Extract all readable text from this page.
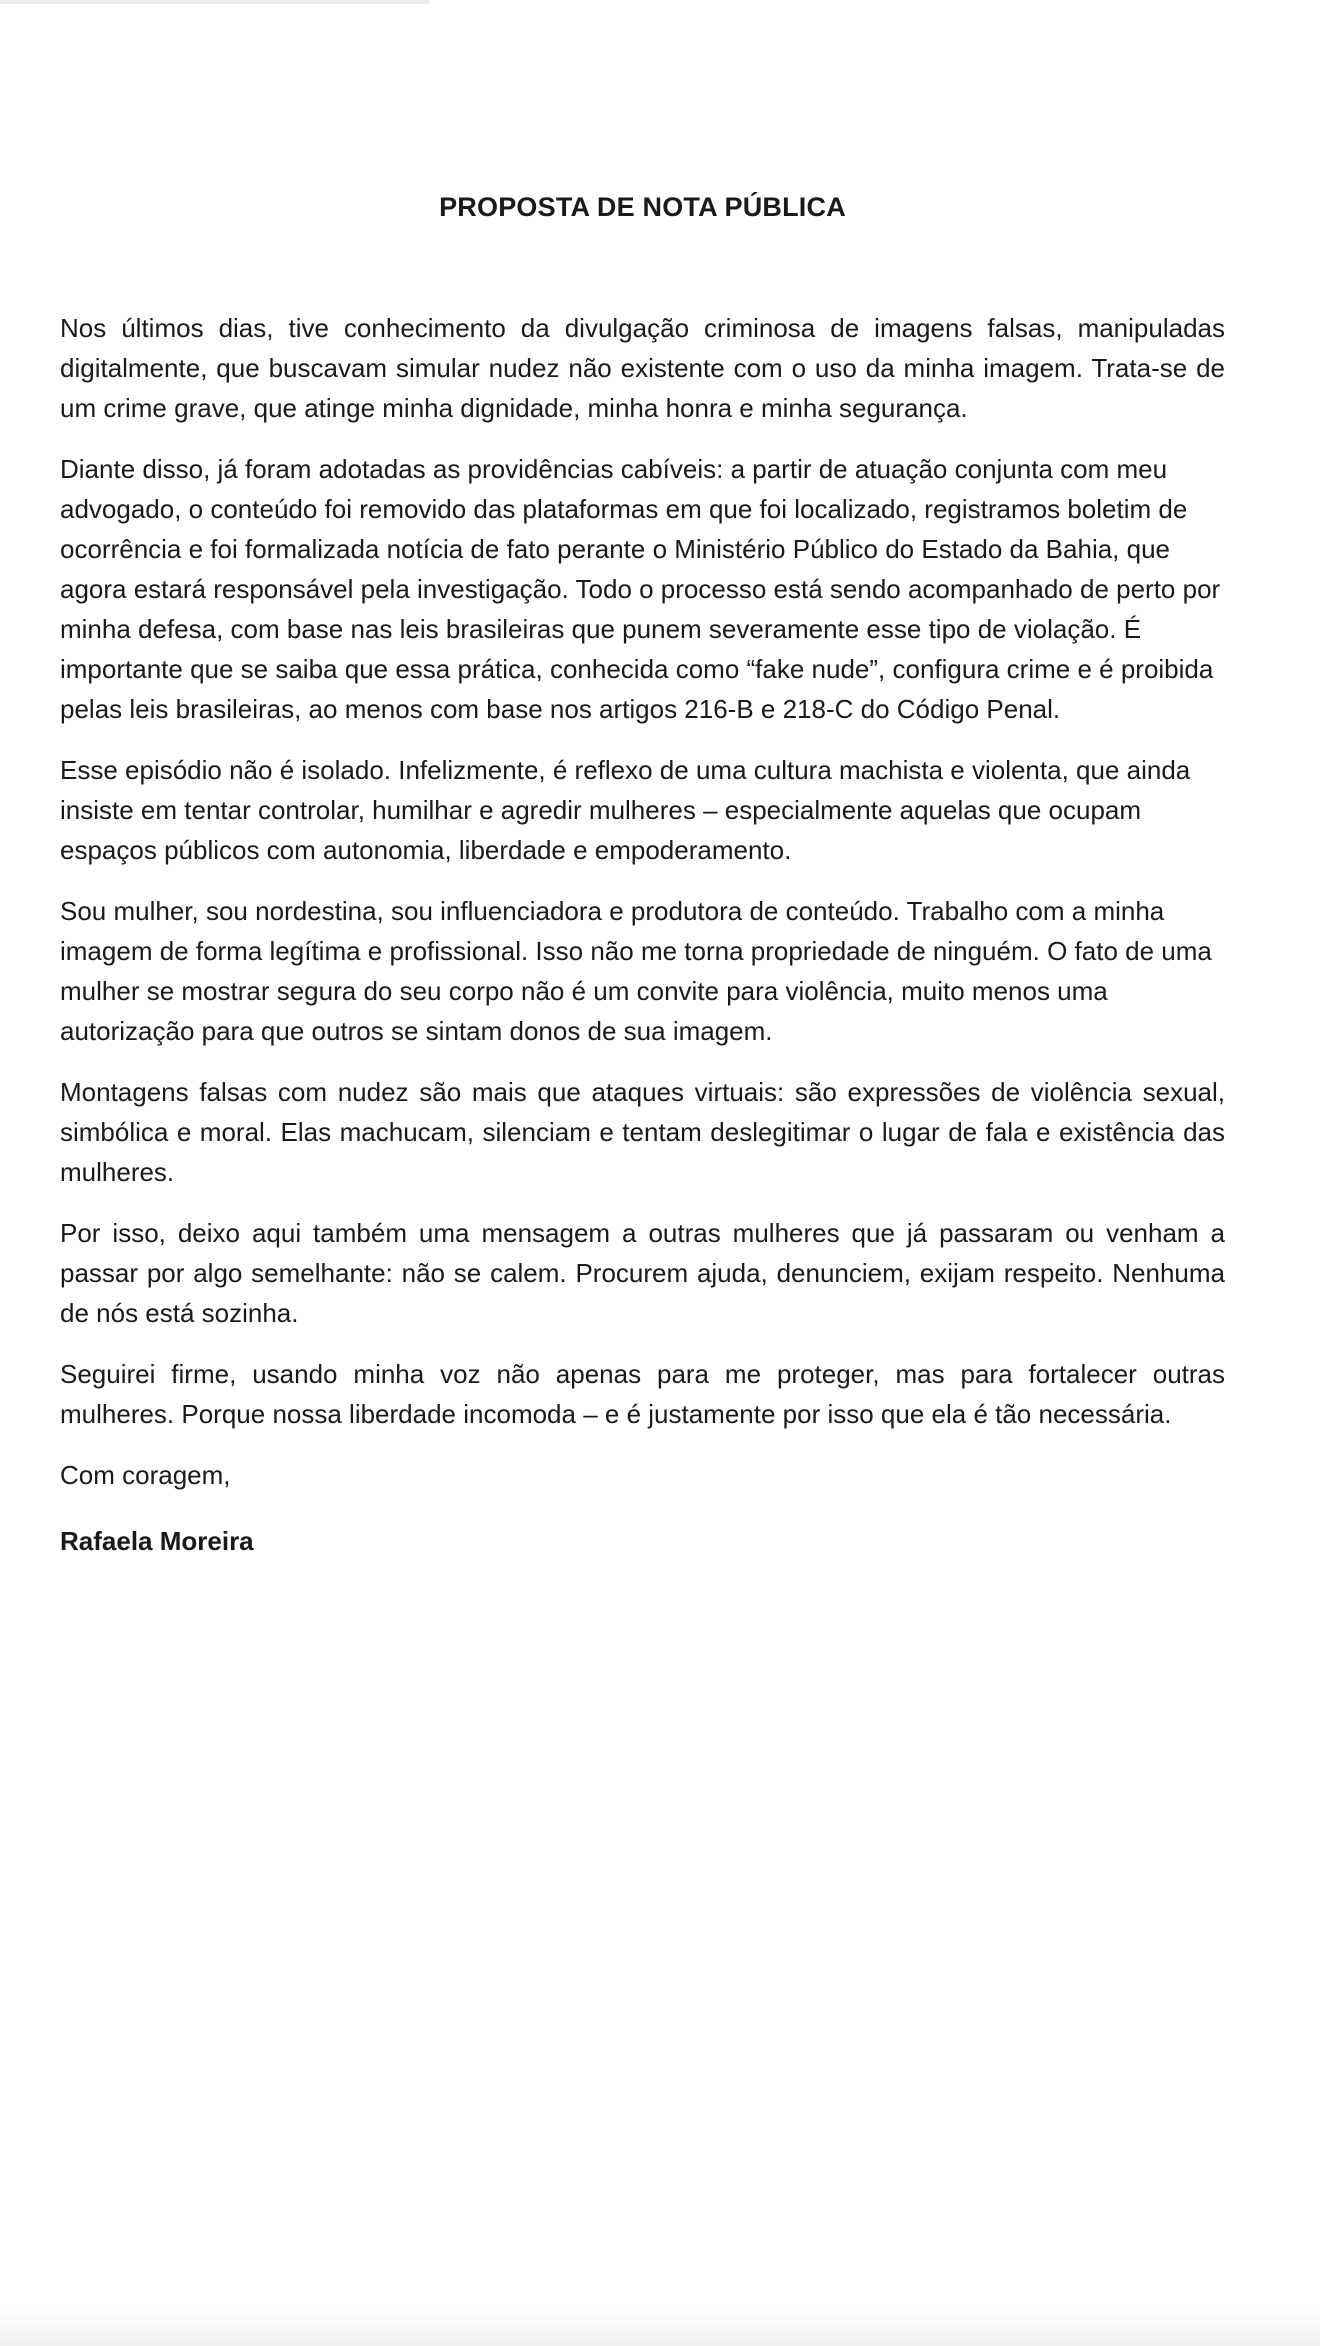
PROPOSTA DE NOTA PÚBLICA

Nos últimos dias, tive conhecimento da divulgação criminosa de imagens falsas, manipuladas digitalmente, que buscavam simular nudez não existente com o uso da minha imagem. Trata-se de um crime grave, que atinge minha dignidade, minha honra e minha segurança.

Diante disso, já foram adotadas as providências cabíveis: a partir de atuação conjunta com meu advogado, o conteúdo foi removido das plataformas em que foi localizado, registramos boletim de ocorrência e foi formalizada notícia de fato perante o Ministério Público do Estado da Bahia, que agora estará responsável pela investigação. Todo o processo está sendo acompanhado de perto por minha defesa, com base nas leis brasileiras que punem severamente esse tipo de violação. É importante que se saiba que essa prática, conhecida como “fake nude”, configura crime e é proibida pelas leis brasileiras, ao menos com base nos artigos 216-B e 218-C do Código Penal.

Esse episódio não é isolado. Infelizmente, é reflexo de uma cultura machista e violenta, que ainda insiste em tentar controlar, humilhar e agredir mulheres – especialmente aquelas que ocupam espaços públicos com autonomia, liberdade e empoderamento.

Sou mulher, sou nordestina, sou influenciadora e produtora de conteúdo. Trabalho com a minha imagem de forma legítima e profissional. Isso não me torna propriedade de ninguém. O fato de uma mulher se mostrar segura do seu corpo não é um convite para violência, muito menos uma autorização para que outros se sintam donos de sua imagem.

Montagens falsas com nudez são mais que ataques virtuais: são expressões de violência sexual, simbólica e moral. Elas machucam, silenciam e tentam deslegitimar o lugar de fala e existência das mulheres.

Por isso, deixo aqui também uma mensagem a outras mulheres que já passaram ou venham a passar por algo semelhante: não se calem. Procurem ajuda, denunciem, exijam respeito. Nenhuma de nós está sozinha.

Seguirei firme, usando minha voz não apenas para me proteger, mas para fortalecer outras mulheres. Porque nossa liberdade incomoda – e é justamente por isso que ela é tão necessária.

Com coragem,

Rafaela Moreira
